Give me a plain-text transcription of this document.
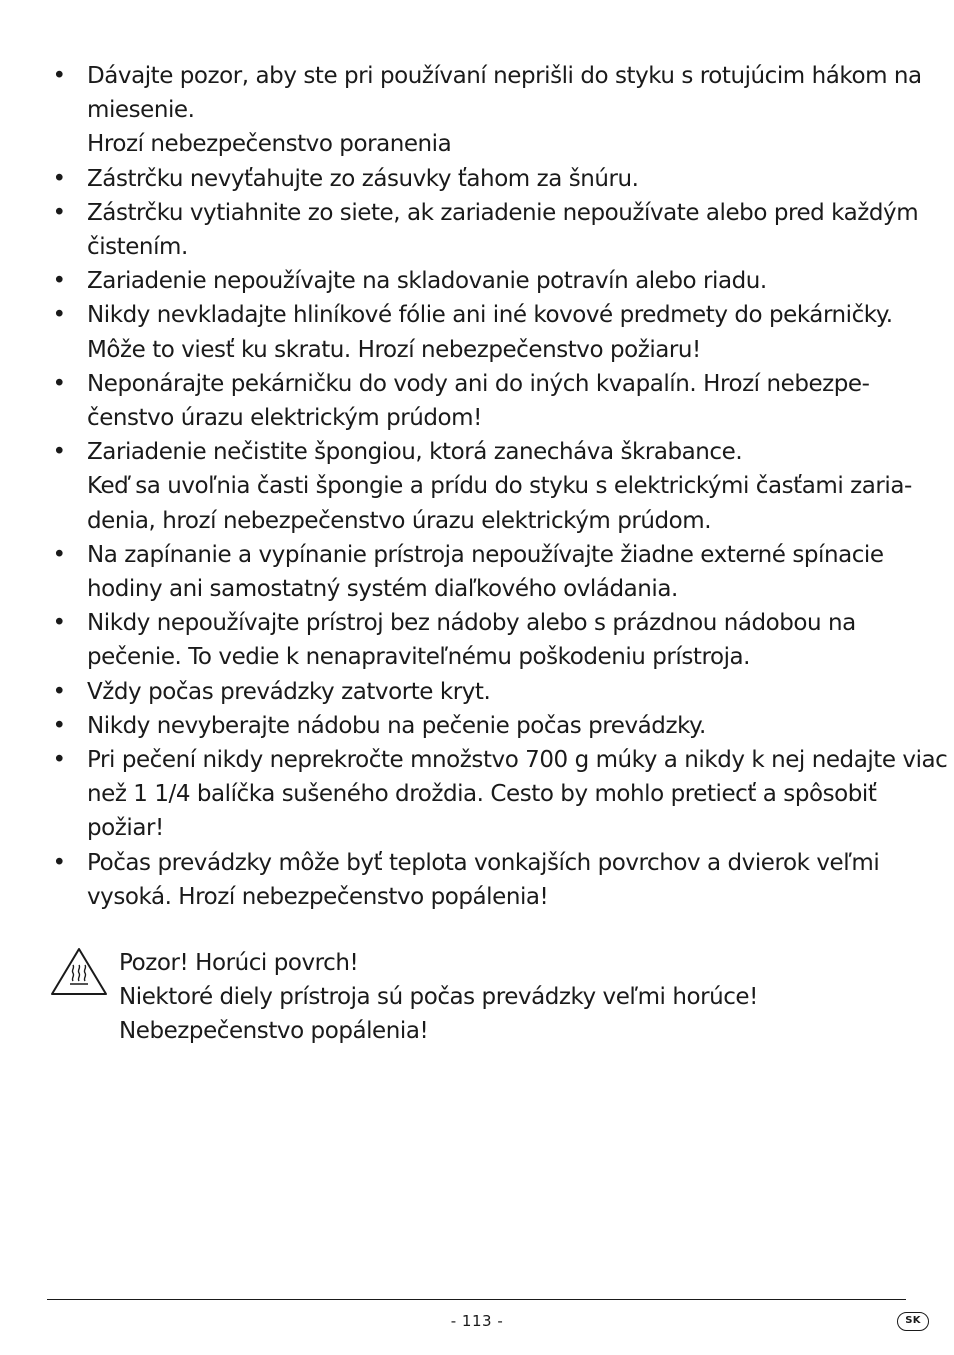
• Dávajte pozor, aby ste pri používaní neprišli do styku s rotujúcim hákom na
miesenie.
Hrozí nebezpečenstvo poranenia
• Zástrčku nevyťahujte zo zásuvky ťahom za šnúru.
• Zástrčku vytiahnite zo siete, ak zariadenie nepoužívate alebo pred každým
čistením.
• Zariadenie nepoužívajte na skladovanie potravín alebo riadu.
• Nikdy nevkladajte hliníkové fólie ani iné kovové predmety do pekárničky.
Môže to viesť ku skratu. Hrozí nebezpečenstvo požiaru!
• Neponárajte pekárničku do vody ani do iných kvapalín. Hrozí nebezpe-
čenstvo úrazu elektrickým prúdom!
• Zariadenie nečistite špongiou, ktorá zanecháva škrabance.
Keď sa uvoľnia časti špongie a prídu do styku s elektrickými časťami zaria-
denia, hrozí nebezpečenstvo úrazu elektrickým prúdom.
• Na zapínanie a vypínanie prístroja nepoužívajte žiadne externé spínacie
hodiny ani samostatný systém diaľkového ovládania.
• Nikdy nepoužívajte prístroj bez nádoby alebo s prázdnou nádobou na
pečenie. To vedie k nenapraviteľnému poškodeniu prístroja.
• Vždy počas prevádzky zatvorte kryt.
• Nikdy nevyberajte nádobu na pečenie počas prevádzky.
• Pri pečení nikdy neprekročte množstvo 700 g múky a nikdy k nej nedajte viac
než 1 1/4 balíčka sušeného droždia. Cesto by mohlo pretiecť a spôsobiť
požiar!
• Počas prevádzky môže byť teplota vonkajších povrchov a dvierok veľmi
vysoká. Hrozí nebezpečenstvo popálenia!
Pozor! Horúci povrch!
Niektoré diely prístroja sú počas prevádzky veľmi horúce!
Nebezpečenstvo popálenia!
- 113 -	SK
